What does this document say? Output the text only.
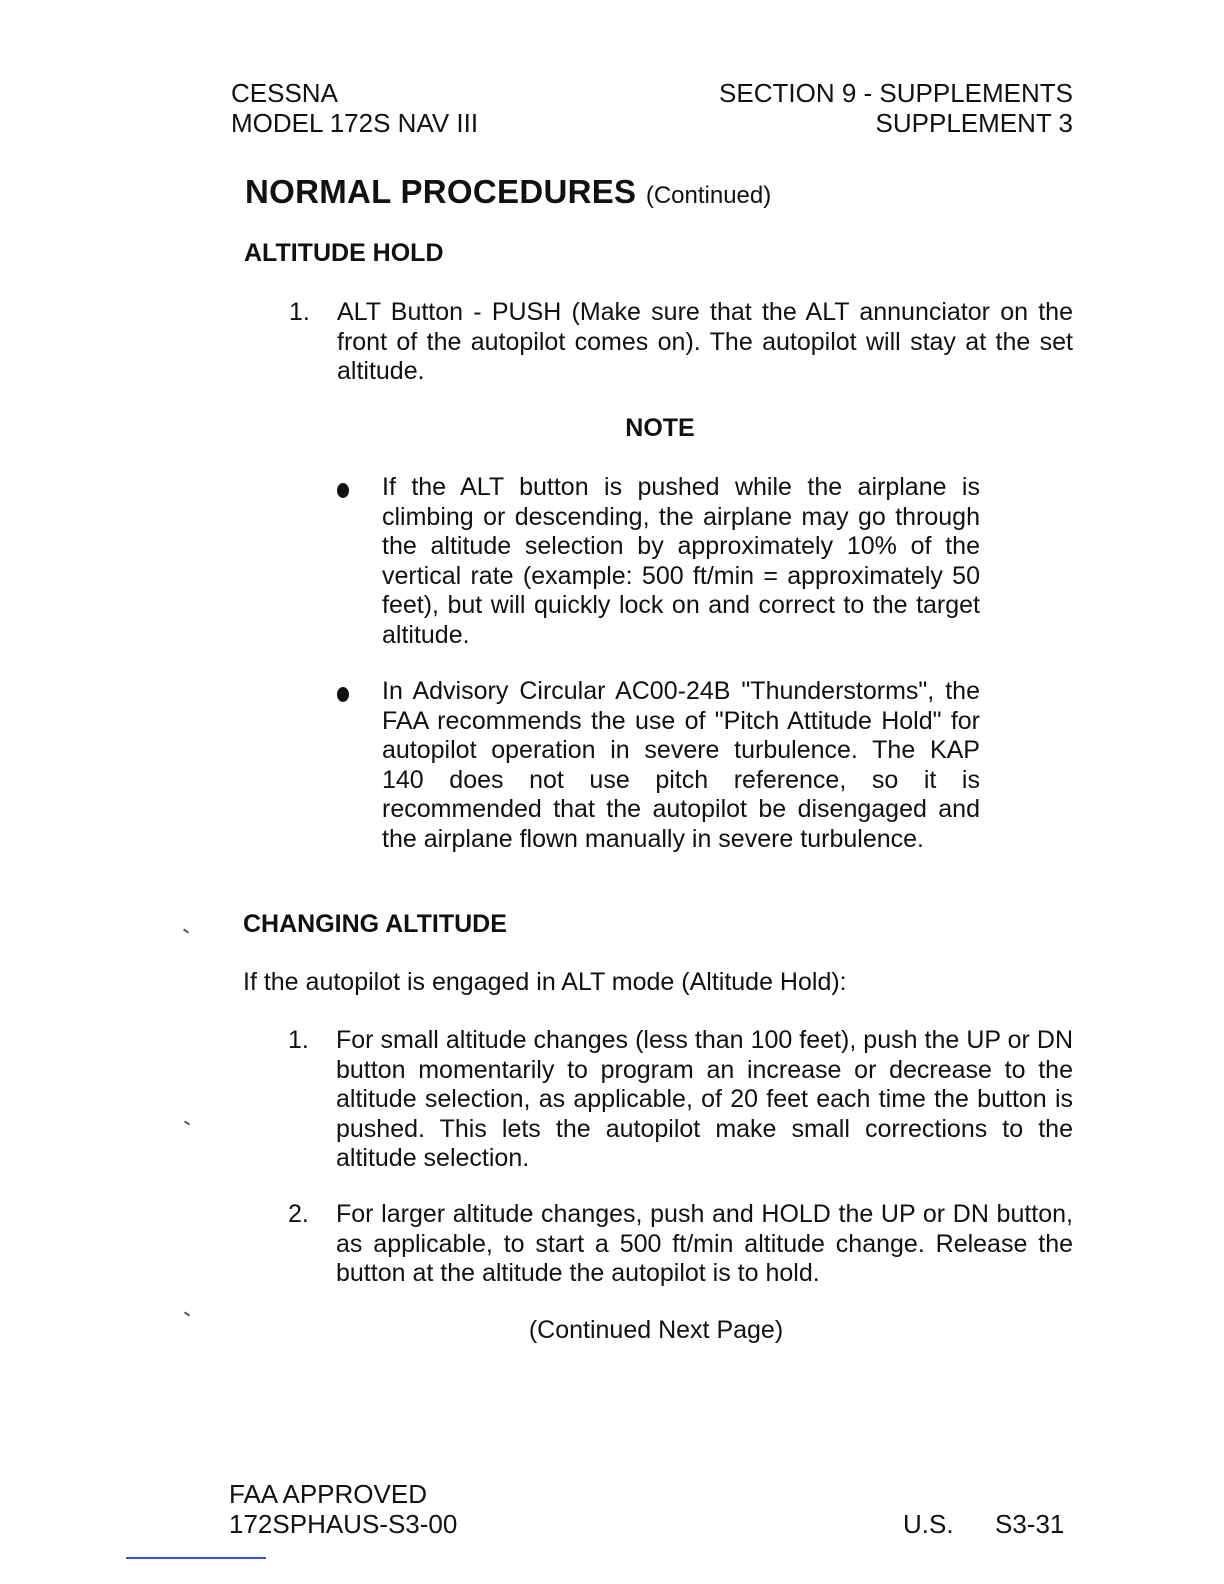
CESSNA
MODEL 172S NAV III
SECTION 9 - SUPPLEMENTS
SUPPLEMENT 3
NORMAL PROCEDURES (Continued)
ALTITUDE HOLD
1. ALT Button - PUSH (Make sure that the ALT annunciator on the front of the autopilot comes on). The autopilot will stay at the set altitude.
NOTE
If the ALT button is pushed while the airplane is climbing or descending, the airplane may go through the altitude selection by approximately 10% of the vertical rate (example: 500 ft/min = approximately 50 feet), but will quickly lock on and correct to the target altitude.
In Advisory Circular AC00-24B "Thunderstorms", the FAA recommends the use of "Pitch Attitude Hold" for autopilot operation in severe turbulence. The KAP 140 does not use pitch reference, so it is recommended that the autopilot be disengaged and the airplane flown manually in severe turbulence.
CHANGING ALTITUDE
If the autopilot is engaged in ALT mode (Altitude Hold):
1. For small altitude changes (less than 100 feet), push the UP or DN button momentarily to program an increase or decrease to the altitude selection, as applicable, of 20 feet each time the button is pushed. This lets the autopilot make small corrections to the altitude selection.
2. For larger altitude changes, push and HOLD the UP or DN button, as applicable, to start a 500 ft/min altitude change. Release the button at the altitude the autopilot is to hold.
(Continued Next Page)
FAA APPROVED
172SPHAUS-S3-00	U.S. S3-31
